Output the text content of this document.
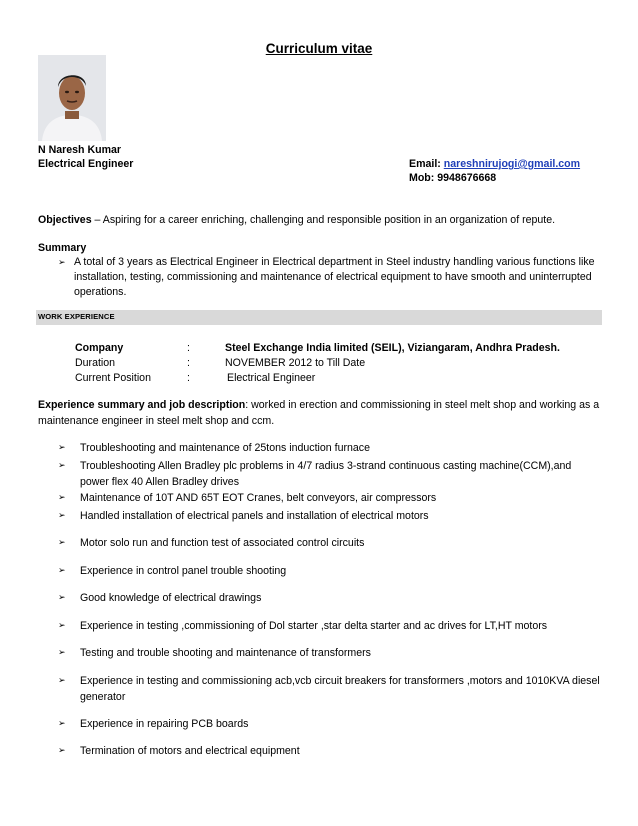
Curriculum vitae
N Naresh Kumar
Electrical Engineer	Email: nareshnirujogi@gmail.com
Mob: 9948676668
Objectives – Aspiring for a career enriching, challenging and responsible position in an organization of repute.
Summary
➢ A total of 3 years as Electrical Engineer in Electrical department in Steel industry handling various functions like installation, testing, commissioning and maintenance of electrical equipment to have smooth and uninterrupted operations.
WORK EXPERIENCE
Company	:	Steel Exchange India limited (SEIL), Viziangaram, Andhra Pradesh.
Duration	:	NOVEMBER 2012 to Till Date
Current Position	:	Electrical Engineer
Experience summary and job description: worked in erection and commissioning in steel melt shop and working as a maintenance engineer in steel melt shop and ccm.
➢	Troubleshooting and maintenance of 25tons induction furnace
➢	Troubleshooting Allen Bradley plc problems in 4/7 radius 3-strand continuous casting machine(CCM),and power flex 40 Allen Bradley drives
➢	Maintenance of 10T AND 65T EOT Cranes, belt conveyors, air compressors
➢	Handled installation of electrical panels and installation of electrical motors
➢	Motor solo run and function test of associated control circuits
➢	Experience in control panel trouble shooting
➢	Good knowledge of electrical drawings
➢	Experience in testing ,commissioning of Dol starter ,star delta starter and ac drives for LT,HT motors
➢	Testing and trouble shooting and maintenance of transformers
➢	Experience in testing and commissioning acb,vcb circuit breakers for transformers ,motors and 1010KVA diesel generator
➢	Experience in repairing PCB boards
➢	Termination of motors and electrical equipment
